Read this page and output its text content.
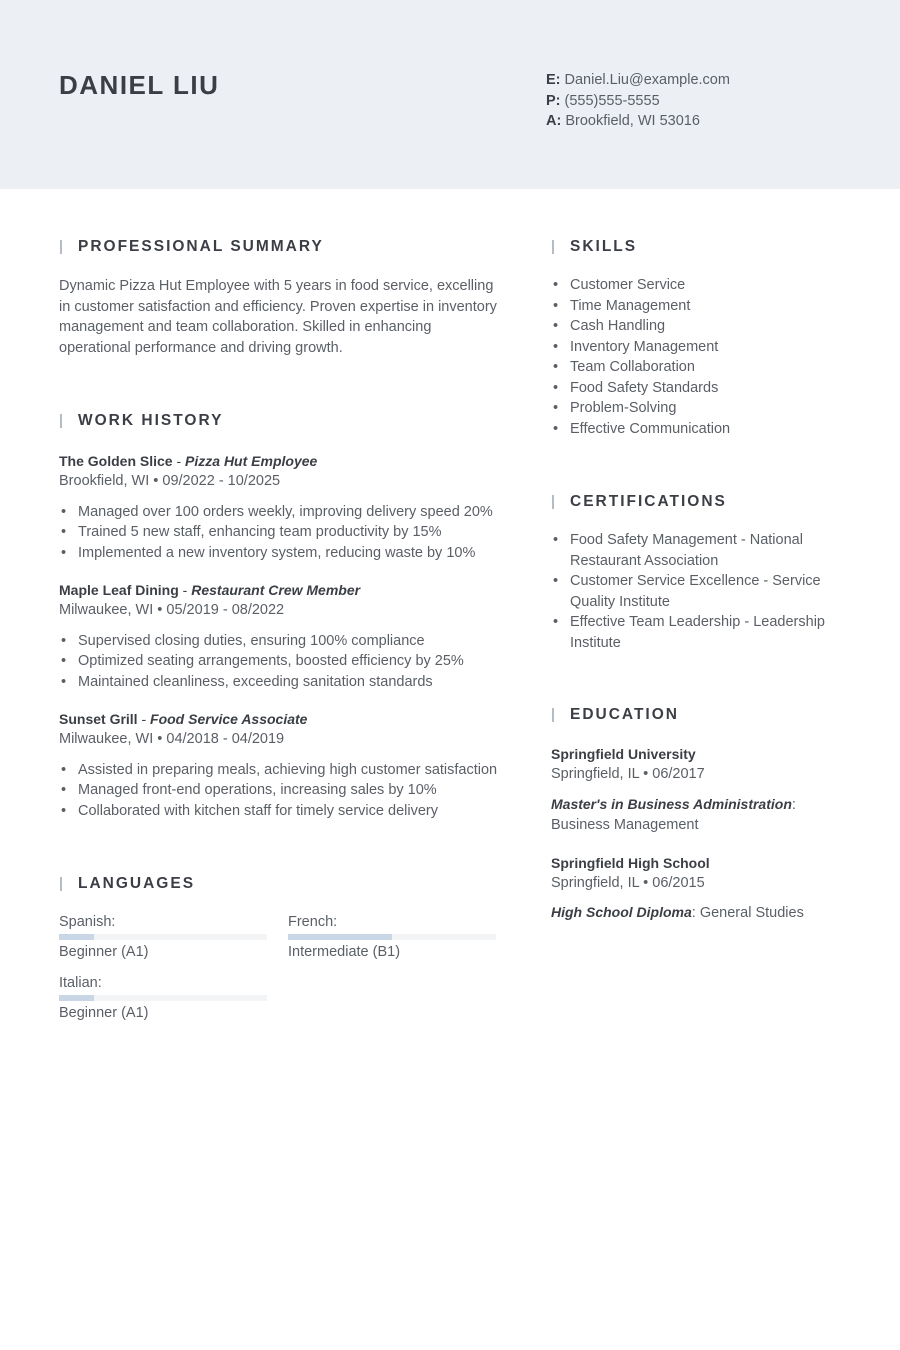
DANIEL LIU	E: Daniel.Liu@example.com
P: (555)555-5555
A: Brookfield, WI 53016
PROFESSIONAL SUMMARY

Dynamic Pizza Hut Employee with 5 years in food service, excelling in customer satisfaction and efficiency. Proven expertise in inventory management and team collaboration. Skilled in enhancing operational performance and driving growth.

WORK HISTORY
The Golden Slice - Pizza Hut Employee
Brookfield, WI • 09/2022 - 10/2025
• Managed over 100 orders weekly, improving delivery speed 20%
• Trained 5 new staff, enhancing team productivity by 15%
• Implemented a new inventory system, reducing waste by 10%
Maple Leaf Dining - Restaurant Crew Member
Milwaukee, WI • 05/2019 - 08/2022
• Supervised closing duties, ensuring 100% compliance
• Optimized seating arrangements, boosted efficiency by 25%
• Maintained cleanliness, exceeding sanitation standards
Sunset Grill - Food Service Associate
Milwaukee, WI • 04/2018 - 04/2019
• Assisted in preparing meals, achieving high customer satisfaction
• Managed front-end operations, increasing sales by 10%
• Collaborated with kitchen staff for timely service delivery
LANGUAGES
Spanish:
Beginner (A1)
French:
Intermediate (B1)
Italian:
Beginner (A1)
SKILLS
• Customer Service
• Time Management
• Cash Handling
• Inventory Management
• Team Collaboration
• Food Safety Standards
• Problem-Solving
• Effective Communication
CERTIFICATIONS
• Food Safety Management - National Restaurant Association
• Customer Service Excellence - Service Quality Institute
• Effective Team Leadership - Leadership Institute
EDUCATION
Springfield University
Springfield, IL • 06/2017
Master's in Business Administration: Business Management
Springfield High School
Springfield, IL • 06/2015
High School Diploma: General Studies
